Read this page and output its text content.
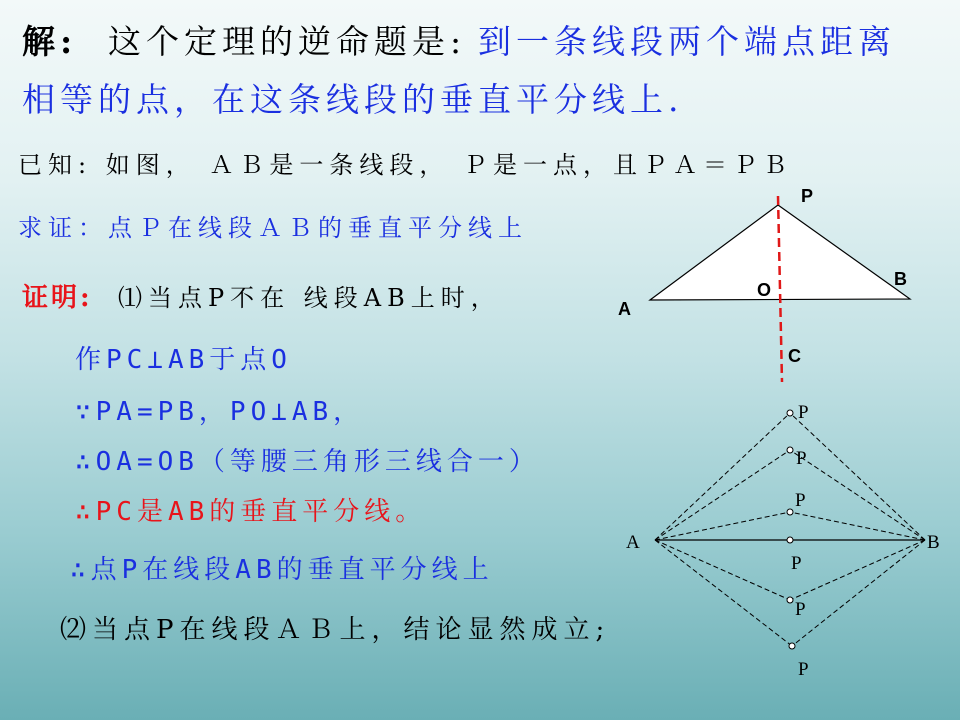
解: 这个定理的逆命题是: 到一条线段两个端点距离
相等的点，在这条线段的垂直平分线上.
已知: 如图， ＡＢ是一条线段， Ｐ是一点，且ＰＡ＝ＰＢ
求证：点Ｐ在线段ＡＢ的垂直平分线上
证明: ⑴当点P不在 线段AB上时，
作PC⊥AB于点O
∵PA=PB，PO⊥AB，
∴OA=OB（等腰三角形三线合一）
∴PC是AB的垂直平分线。
∴点P在线段AB的垂直平分线上
⑵当点P在线段ＡＢ上，结论显然成立;
P
B
O
A
C
A	B
P
P
P
P
P
P
